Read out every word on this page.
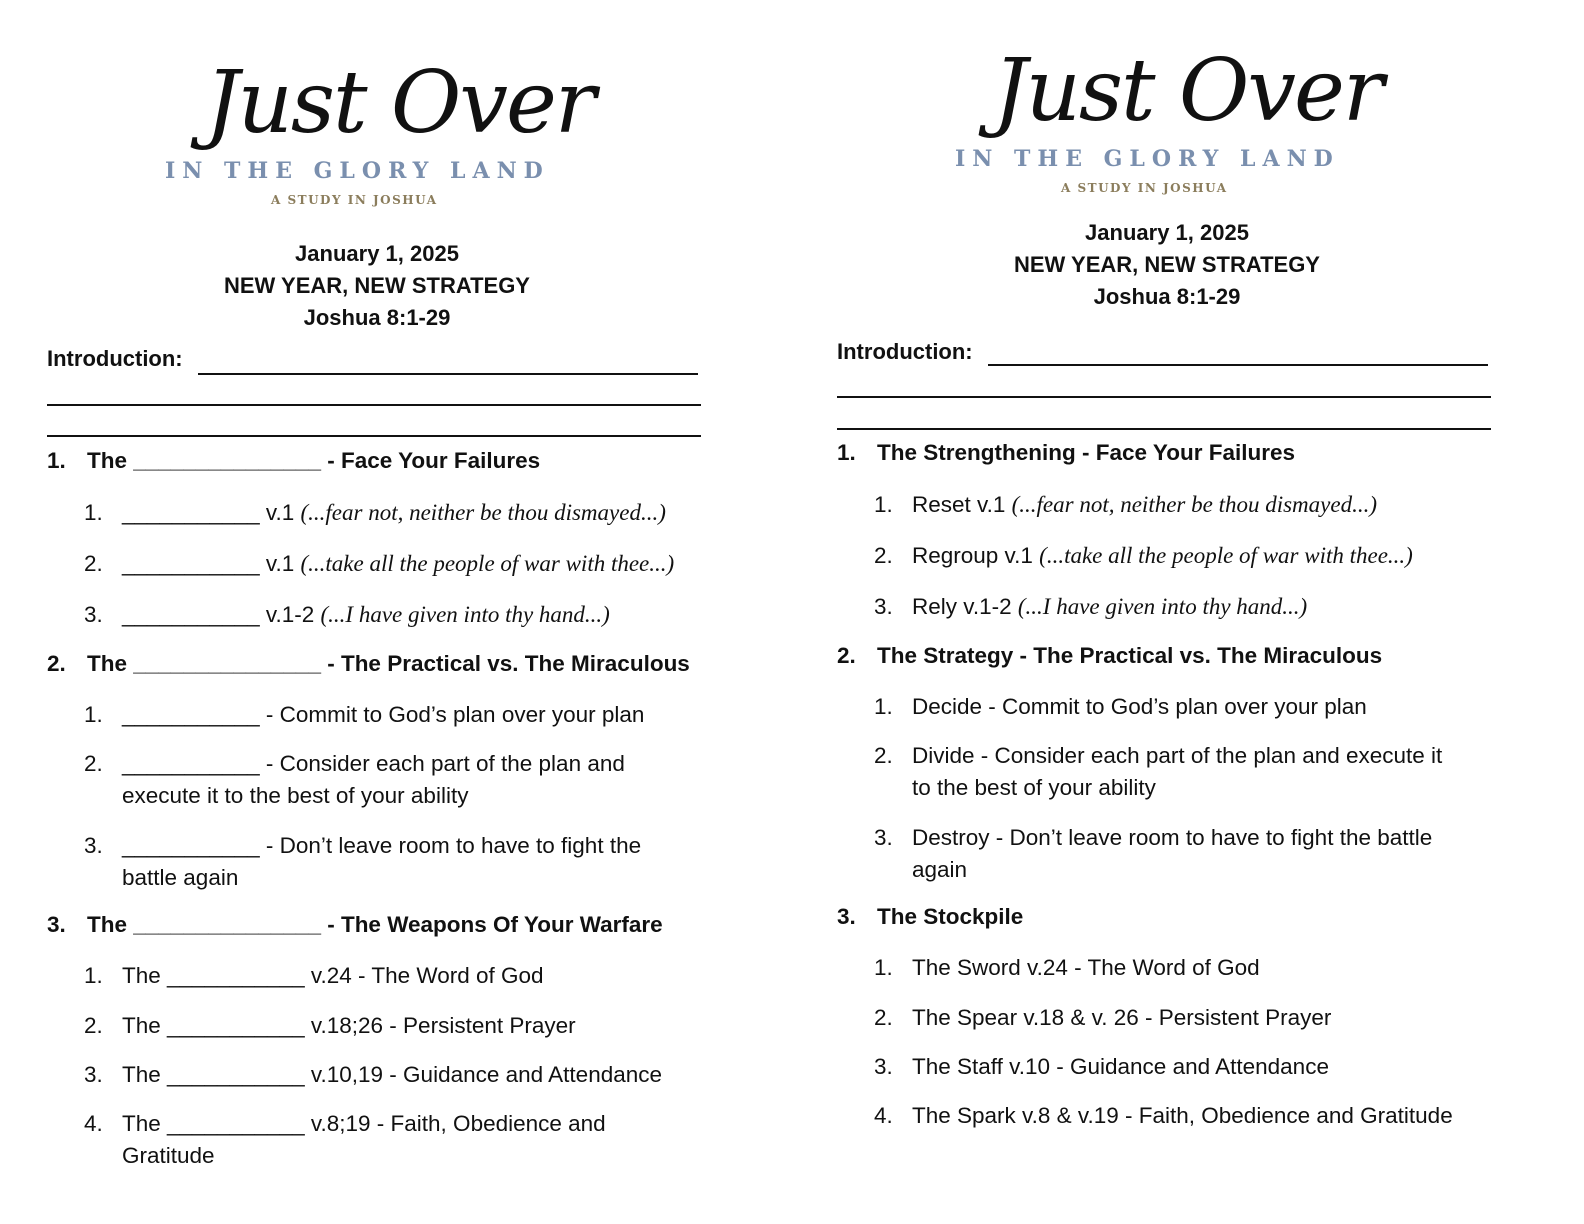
Just Over
IN THE GLORY LAND
A STUDY IN JOSHUA
January 1, 2025
NEW YEAR, NEW STRATEGY
Joshua 8:1-29
Introduction:
1. The _______________ - Face Your Failures
1. ___________ v.1 (...fear not, neither be thou dismayed...)
2. ___________ v.1 (...take all the people of war with thee...)
3. ___________ v.1-2 (...I have given into thy hand...)
2. The _______________ - The Practical vs. The Miraculous
1. ___________ - Commit to God’s plan over your plan
2. ___________ - Consider each part of the plan and
execute it to the best of your ability
3. ___________ - Don’t leave room to have to fight the
battle again
3. The _______________ - The Weapons Of Your Warfare
1. The ___________ v.24 - The Word of God
2. The ___________ v.18;26 - Persistent Prayer
3. The ___________ v.10,19 - Guidance and Attendance
4. The ___________ v.8;19 - Faith, Obedience and
Gratitude
Just Over
IN THE GLORY LAND
A STUDY IN JOSHUA
January 1, 2025
NEW YEAR, NEW STRATEGY
Joshua 8:1-29
Introduction:
1. The Strengthening - Face Your Failures
1. Reset v.1 (...fear not, neither be thou dismayed...)
2. Regroup v.1 (...take all the people of war with thee...)
3. Rely v.1-2 (...I have given into thy hand...)
2. The Strategy - The Practical vs. The Miraculous
1. Decide - Commit to God’s plan over your plan
2. Divide - Consider each part of the plan and execute it
to the best of your ability
3. Destroy - Don’t leave room to have to fight the battle
again
3. The Stockpile
1. The Sword v.24 - The Word of God
2. The Spear v.18 & v. 26 - Persistent Prayer
3. The Staff v.10 - Guidance and Attendance
4. The Spark v.8 & v.19 - Faith, Obedience and Gratitude
